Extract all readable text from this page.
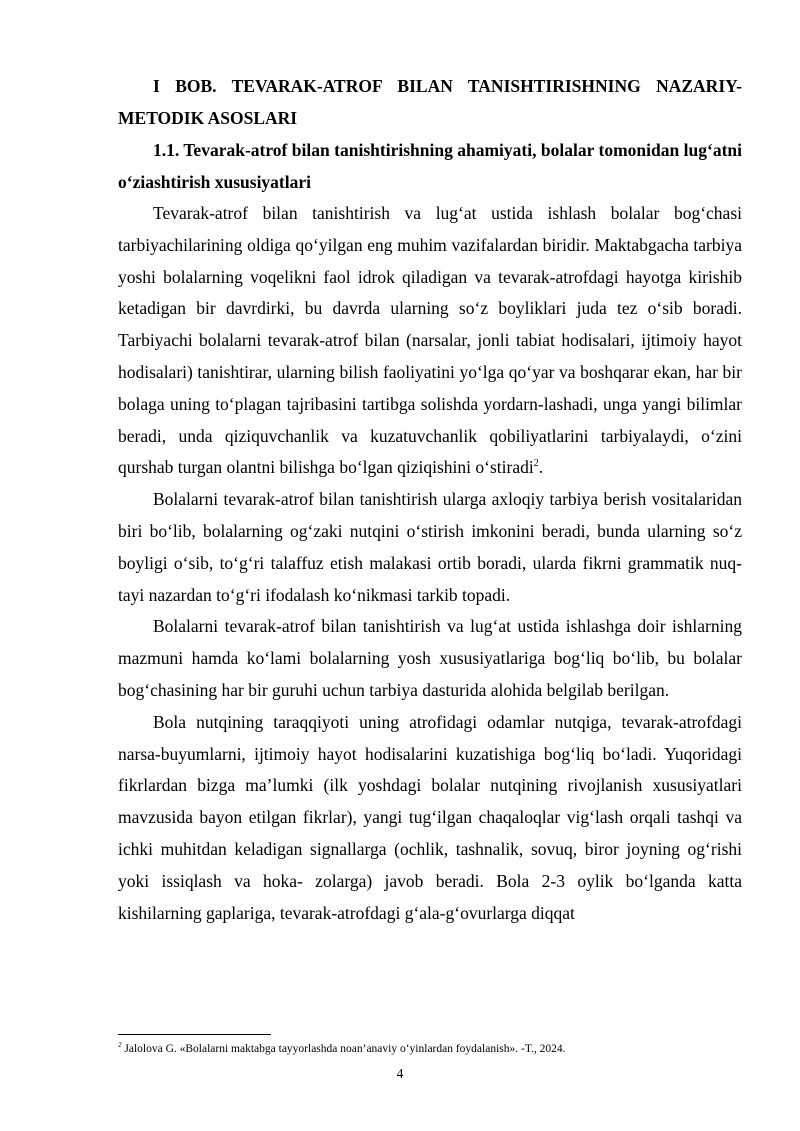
I BOB. TEVARAK-ATROF BILAN TANISHTIRISHNING NAZARIY-METODIK ASOSLARI

1.1. Tevarak-atrof bilan tanishtirishning ahamiyati, bolalar tomonidan lug‘atni o‘ziashtirish xususiyatlari

Tevarak-atrof bilan tanishtirish va lug‘at ustida ishlash bolalar bog‘chasi tarbiyachilarining oldiga qo‘yilgan eng muhim vazifalardan biridir. Maktabgacha tarbiya yoshi bolalarning voqelikni faol idrok qiladigan va tevarak-atrofdagi hayotga kirishib ketadigan bir davrdirki, bu davrda ularning so‘z boyliklari juda tez o‘sib boradi. Tarbiyachi bolalarni tevarak-atrof bilan (narsalar, jonli tabiat hodisalari, ijtimoiy hayot hodisalari) tanishtirar, ularning bilish faoliyatini yo‘lga qo‘yar va boshqarar ekan, har bir bolaga uning to‘plagan tajribasini tartibga solishda yordarn-lashadi, unga yangi bilimlar beradi, unda qiziquvchanlik va kuzatuvchanlik qobiliyatlarini tarbiyalaydi, o‘zini qurshab turgan olantni bilishga bo‘lgan qiziqishini o‘stiradi$^2$.

Bolalarni tevarak-atrof bilan tanishtirish ularga axloqiy tarbiya berish vositalaridan biri bo‘lib, bolalarning og‘zaki nutqini o‘stirish imkonini beradi, bunda ularning so‘z boyligi o‘sib, to‘g‘ri talaffuz etish malakasi ortib boradi, ularda fikrni grammatik nuq- tayi nazardan to‘g‘ri ifodalash ko‘nikmasi tarkib topadi.

Bolalarni tevarak-atrof bilan tanishtirish va lug‘at ustida ishlashga doir ishlarning mazmuni hamda ko‘lami bolalarning yosh xususiyatlariga bog‘liq bo‘lib, bu bolalar bog‘chasining har bir guruhi uchun tarbiya dasturida alohida belgilab berilgan.

Bola nutqining taraqqiyoti uning atrofidagi odamlar nutqiga, tevarak-atrofdagi narsa-buyumlarni, ijtimoiy hayot hodisalarini kuzatishiga bog‘liq bo‘ladi. Yuqoridagi fikrlardan bizga ma’lumki (ilk yoshdagi bolalar nutqining rivojlanish xususiyatlari mavzusida bayon etilgan fikrlar), yangi tug‘ilgan chaqaloqlar vig‘lash orqali tashqi va ichki muhitdan keladigan signallarga (ochlik, tashnalik, sovuq, biror joyning og‘rishi yoki issiqlash va hoka- zolarga) javob beradi. Bola 2-3 oylik bo‘lganda katta kishilarning gaplariga, tevarak-atrofdagi g‘ala-g‘ovurlarga diqqat

$^2$ Jalolova G. «Bolalarni maktabga tayyorlashda noan’anaviy o‘yinlardan foydalanish». -T., 2024.

4
